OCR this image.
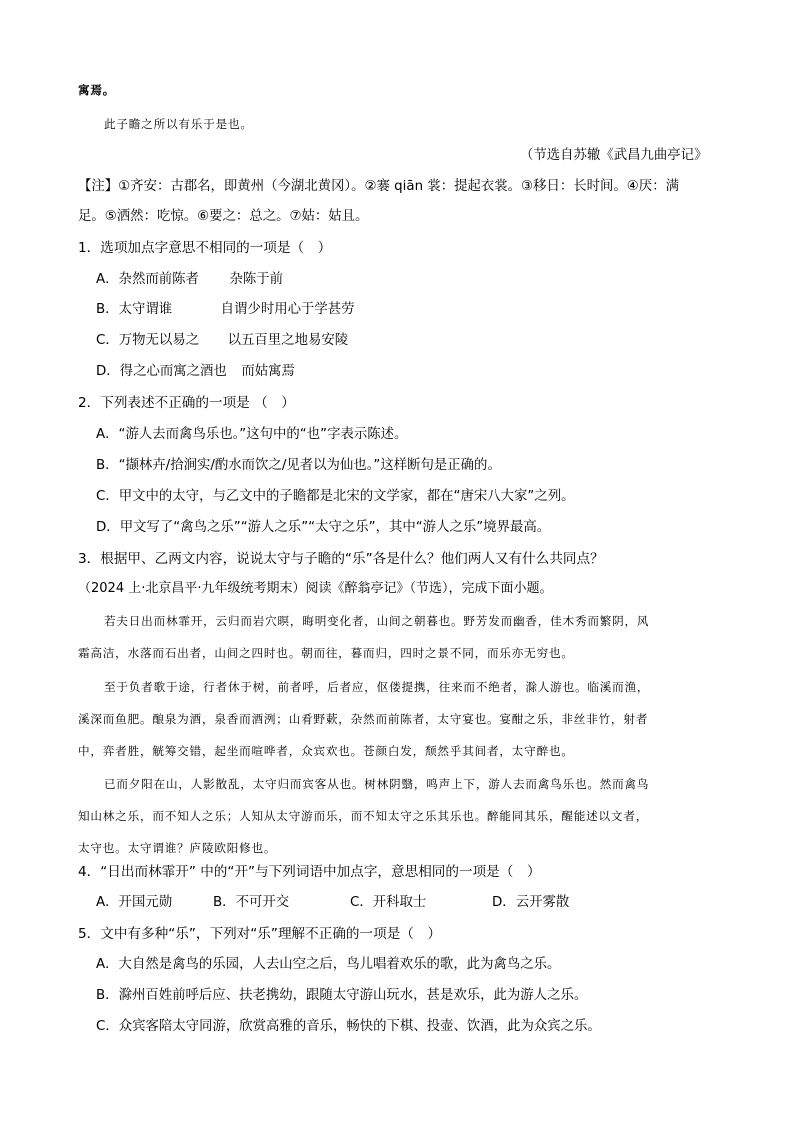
寓焉。
此子瞻之所以有乐于是也。
（节选自苏辙《武昌九曲亭记》
【注】①齐安：古郡名，即黄州（今湖北黄冈）。②褰 qiān 裳：提起衣裳。③移日：长时间。④厌：满
足。⑤洒然：吃惊。⑥要之：总之。⑦姑：姑且。
1．选项加点字意思不相同的一项是（　）
A．杂然而前陈者 杂陈于前
B．太守谓谁	自谓少时用心于学甚劳
C．万物无以易之 以五百里之地易安陵
D．得之心而寓之酒也 而姑寓焉
2．下列表述不正确的一项是 （　）
A．“游人去而禽鸟乐也。”这句中的“也”字表示陈述。
B．“撷林卉/拾涧实/酌水而饮之/见者以为仙也。”这样断句是正确的。
C．甲文中的太守，与乙文中的子瞻都是北宋的文学家，都在“唐宋八大家”之列。
D．甲文写了“禽鸟之乐”“游人之乐”“太守之乐”，其中“游人之乐”境界最高。
3．根据甲、乙两文内容，说说太守与子瞻的“乐”各是什么？他们两人又有什么共同点？
（2024 上·北京昌平·九年级统考期末）阅读《醉翁亭记》（节选），完成下面小题。
若夫日出而林霏开，云归而岩穴暝，晦明变化者，山间之朝暮也。野芳发而幽香，佳木秀而繁阴，风
霜高洁，水落而石出者，山间之四时也。朝而往，暮而归，四时之景不同，而乐亦无穷也。
至于负者歌于途，行者休于树，前者呼，后者应，伛偻提携，往来而不绝者，滁人游也。临溪而渔，
溪深而鱼肥。酿泉为酒，泉香而酒洌；山肴野蔌，杂然而前陈者，太守宴也。宴酣之乐，非丝非竹，射者
中，弈者胜，觥筹交错，起坐而喧哗者，众宾欢也。苍颜白发，颓然乎其间者，太守醉也。
已而夕阳在山，人影散乱，太守归而宾客从也。树林阴翳，鸣声上下，游人去而禽鸟乐也。然而禽鸟
知山林之乐，而不知人之乐；人知从太守游而乐，而不知太守之乐其乐也。醉能同其乐，醒能述以文者，
太守也。太守谓谁？庐陵欧阳修也。
4．“日出而林霏开” 中的“开”与下列词语中加点字，意思相同的一项是（　）
A．开国元勋	B．不可开交	C．开科取士	D．云开雾散
5．文中有多种“乐”，下列对“乐”理解不正确的一项是（　）
A．大自然是禽鸟的乐园，人去山空之后，鸟儿唱着欢乐的歌，此为禽鸟之乐。
B．滁州百姓前呼后应、扶老携幼，跟随太守游山玩水，甚是欢乐，此为游人之乐。
C．众宾客陪太守同游，欣赏高雅的音乐，畅快的下棋、投壶、饮酒，此为众宾之乐。
